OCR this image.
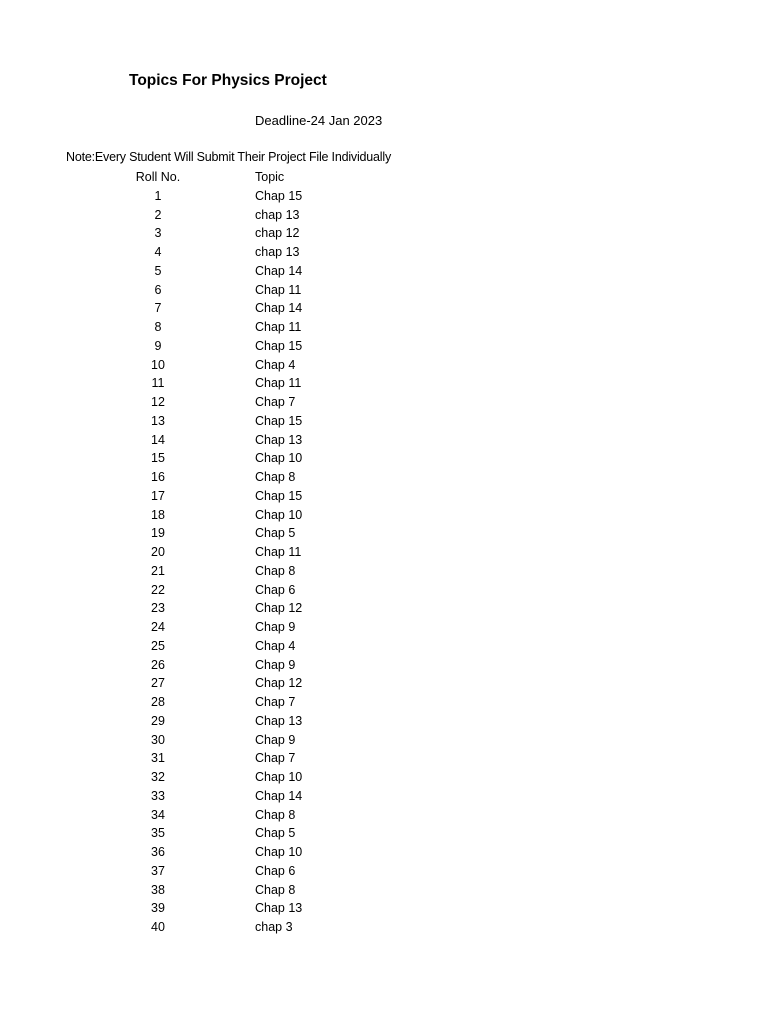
Topics For Physics Project
Deadline-24 Jan 2023
Note:Every Student Will Submit Their Project File Individually
Roll No.	Topic
1	Chap 15
2	chap 13
3	chap 12
4	chap 13
5	Chap 14
6	Chap 11
7	Chap 14
8	Chap 11
9	Chap 15
10	Chap 4
11	Chap 11
12	Chap 7
13	Chap 15
14	Chap 13
15	Chap 10
16	Chap 8
17	Chap 15
18	Chap 10
19	Chap 5
20	Chap 11
21	Chap 8
22	Chap 6
23	Chap 12
24	Chap 9
25	Chap 4
26	Chap 9
27	Chap 12
28	Chap 7
29	Chap 13
30	Chap 9
31	Chap 7
32	Chap 10
33	Chap 14
34	Chap 8
35	Chap 5
36	Chap 10
37	Chap 6
38	Chap 8
39	Chap 13
40	chap 3
